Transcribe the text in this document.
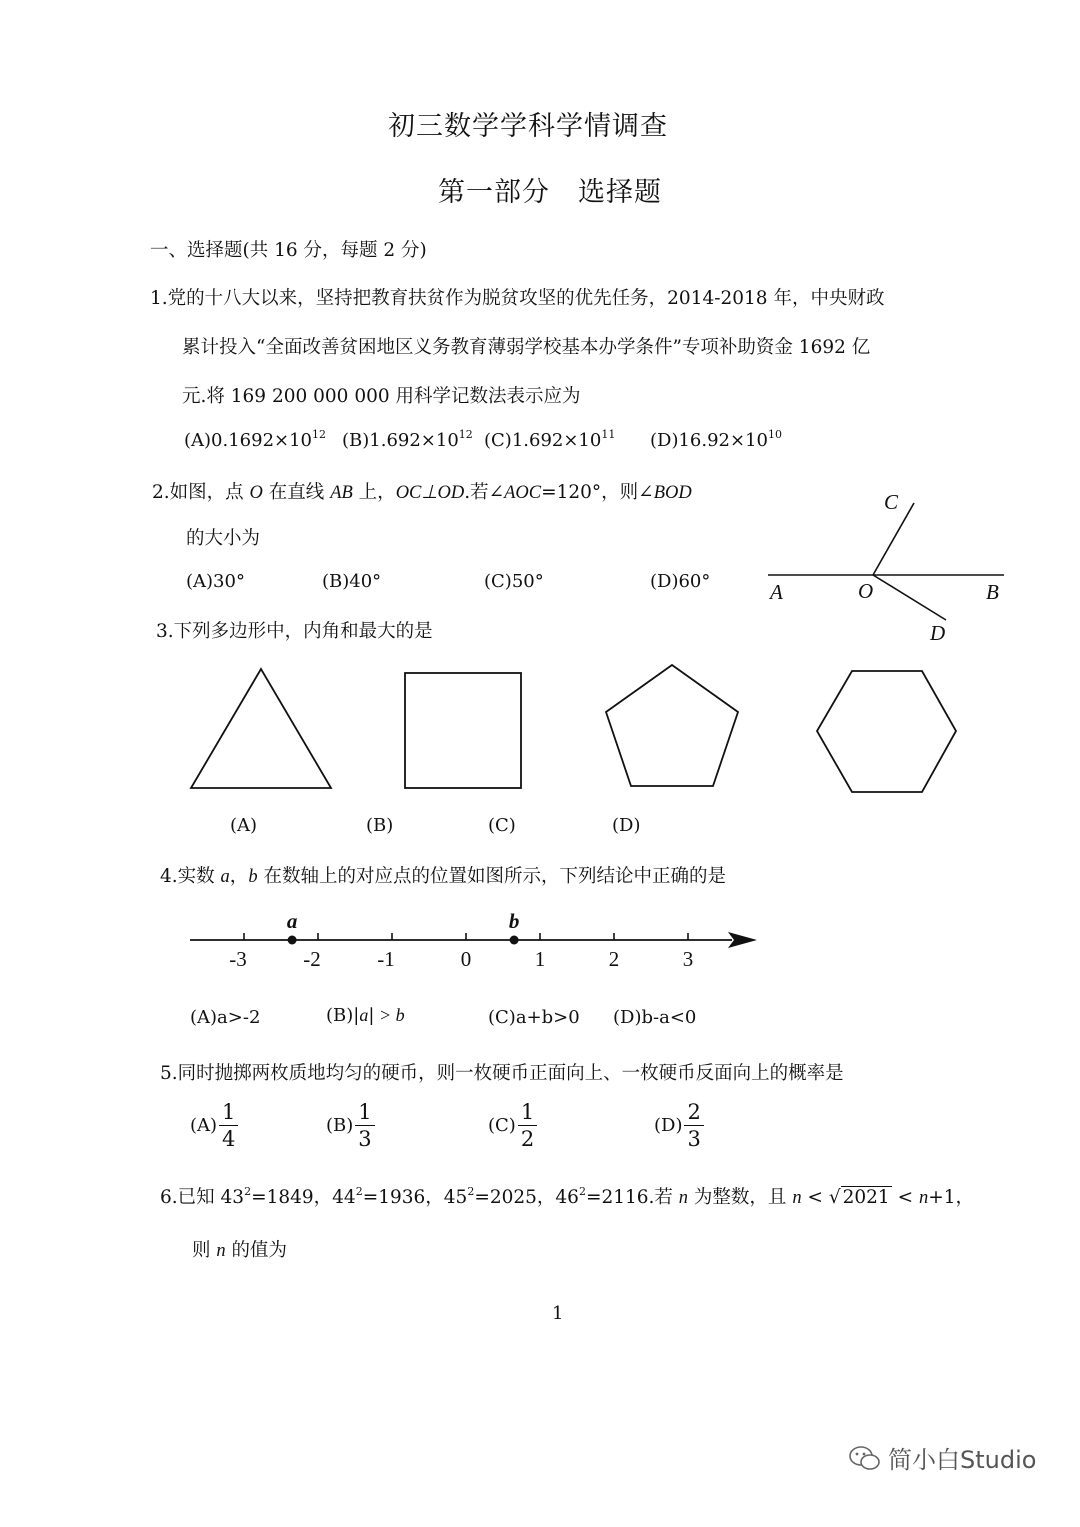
初三数学学科学情调查
第一部分　选择题
一、选择题(共 16 分，每题 2 分)
1.党的十八大以来，坚持把教育扶贫作为脱贫攻坚的优先任务，2014-2018 年，中央财政
累计投入“全面改善贫困地区义务教育薄弱学校基本办学条件”专项补助资金 1692 亿
元.将 169 200 000 000 用科学记数法表示应为
$(A)0.1692\times 10^{12}$ $(B)1.692\times 10^{12}$ $(C)1.692\times 10^{11}$ $(D)16.92\times 10^{10}$
2.如图，点 O 在直线 AB 上，OC⊥OD.若∠AOC=120°，则∠BOD
的大小为
(A)30°	(B)40°	(C)50°	(D)60°	A	O	B
C
D
3.下列多边形中，内角和最大的是
(A)	(B)	(C)	(D)
4.实数 a，b 在数轴上的对应点的位置如图所示，下列结论中正确的是
-3	-2	-1	0	1	2	3
a	b
(A)a>-2	(B)|a| > b	(C)a+b>0 (D)b-a<0
5.同时抛掷两枚质地均匀的硬币，则一枚硬币正面向上、一枚硬币反面向上的概率是
$(A) \frac{1}{4}$	$(B) \frac{1}{3}$	$(C) \frac{1}{2}$	$(D) \frac{2}{3}$
6.已知 $43^2=1849$，$44^2=1936$，$45^2=2025$，$46^2=2116$.若 n 为整数，且 n < √ 2021 < n+1，
则 n 的值为
1
简小白Studio
